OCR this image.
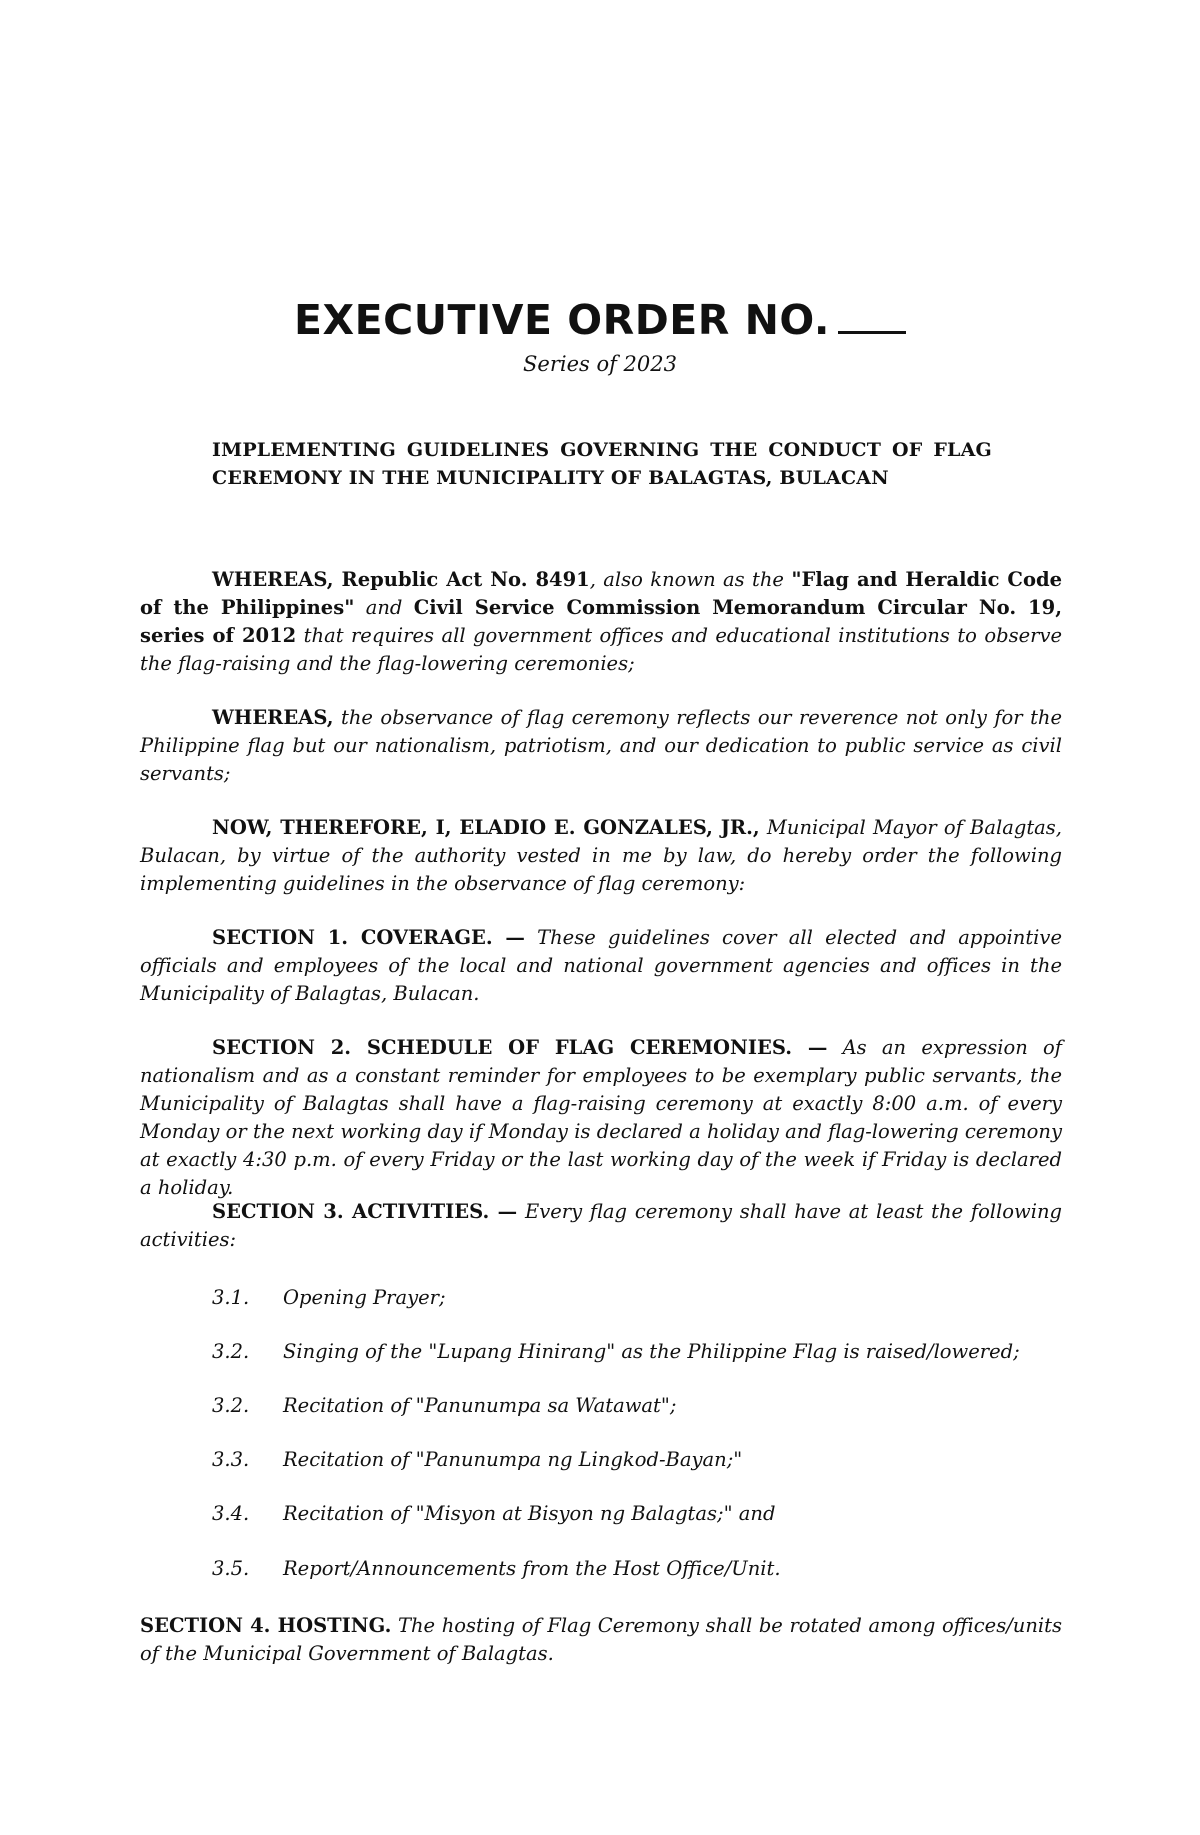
EXECUTIVE ORDER NO.
Series of 2023
IMPLEMENTING GUIDELINES GOVERNING THE CONDUCT OF FLAG CEREMONY IN THE MUNICIPALITY OF BALAGTAS, BULACAN
WHEREAS, Republic Act No. 8491, also known as the "Flag and Heraldic Code of the Philippines" and Civil Service Commission Memorandum Circular No. 19, series of 2012 that requires all government offices and educational institutions to observe the flag-raising and the flag-lowering ceremonies;
WHEREAS, the observance of flag ceremony reflects our reverence not only for the Philippine flag but our nationalism, patriotism, and our dedication to public service as civil servants;
NOW, THEREFORE, I, ELADIO E. GONZALES, JR., Municipal Mayor of Balagtas, Bulacan, by virtue of the authority vested in me by law, do hereby order the following implementing guidelines in the observance of flag ceremony:
SECTION 1. COVERAGE. — These guidelines cover all elected and appointive officials and employees of the local and national government agencies and offices in the Municipality of Balagtas, Bulacan.
SECTION 2. SCHEDULE OF FLAG CEREMONIES. — As an expression of nationalism and as a constant reminder for employees to be exemplary public servants, the Municipality of Balagtas shall have a flag-raising ceremony at exactly 8:00 a.m. of every Monday or the next working day if Monday is declared a holiday and flag-lowering ceremony at exactly 4:30 p.m. of every Friday or the last working day of the week if Friday is declared a holiday.
SECTION 3. ACTIVITIES. — Every flag ceremony shall have at least the following activities:
3.1. Opening Prayer;
3.2. Singing of the "Lupang Hinirang" as the Philippine Flag is raised/lowered;
3.2. Recitation of "Panunumpa sa Watawat";
3.3. Recitation of "Panunumpa ng Lingkod-Bayan;"
3.4. Recitation of "Misyon at Bisyon ng Balagtas;" and
3.5. Report/Announcements from the Host Office/Unit.
SECTION 4. HOSTING. The hosting of Flag Ceremony shall be rotated among offices/units of the Municipal Government of Balagtas.
